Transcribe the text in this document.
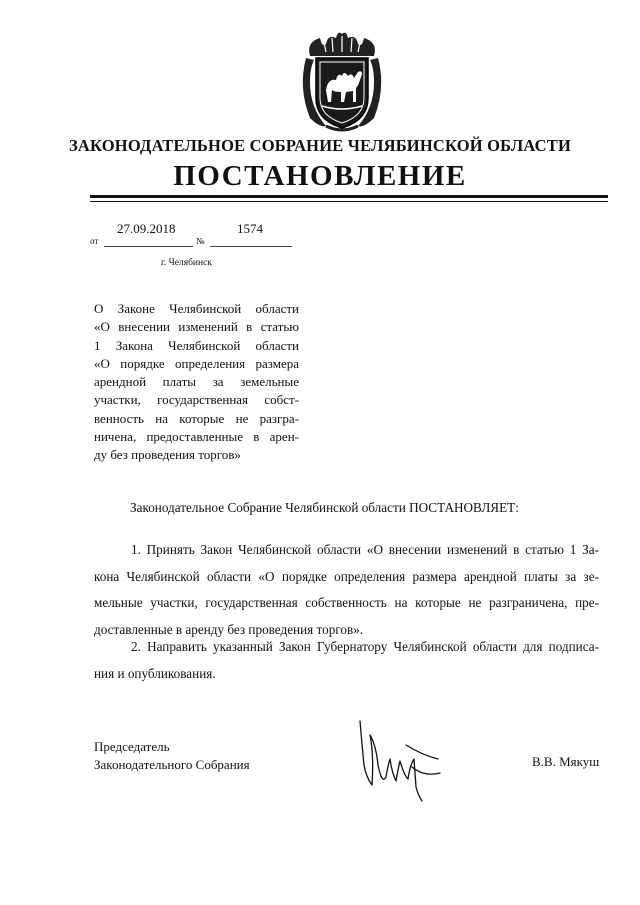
ЗАКОНОДАТЕЛЬНОЕ СОБРАНИЕ ЧЕЛЯБИНСКОЙ ОБЛАСТИ
ПОСТАНОВЛЕНИЕ
27.09.2018	1574
от	№
г. Челябинск
О Законе Челябинской области
«О внесении изменений в статью
1 Закона Челябинской области
«О порядке определения размера
арендной платы за земельные
участки, государственная собст-
венность на которые не разгра-
ничена, предоставленные в арен-
ду без проведения торгов»
Законодательное Собрание Челябинской области ПОСТАНОВЛЯЕТ:
1. Принять Закон Челябинской области «О внесении изменений в статью 1 За-
кона Челябинской области «О порядке определения размера арендной платы за зе-
мельные участки, государственная собственность на которые не разграничена, пре-
доставленные в аренду без проведения торгов».
2. Направить указанный Закон Губернатору Челябинской области для подписа-
ния и опубликования.
Председатель
Законодательного Собрания	В.В. Мякуш
